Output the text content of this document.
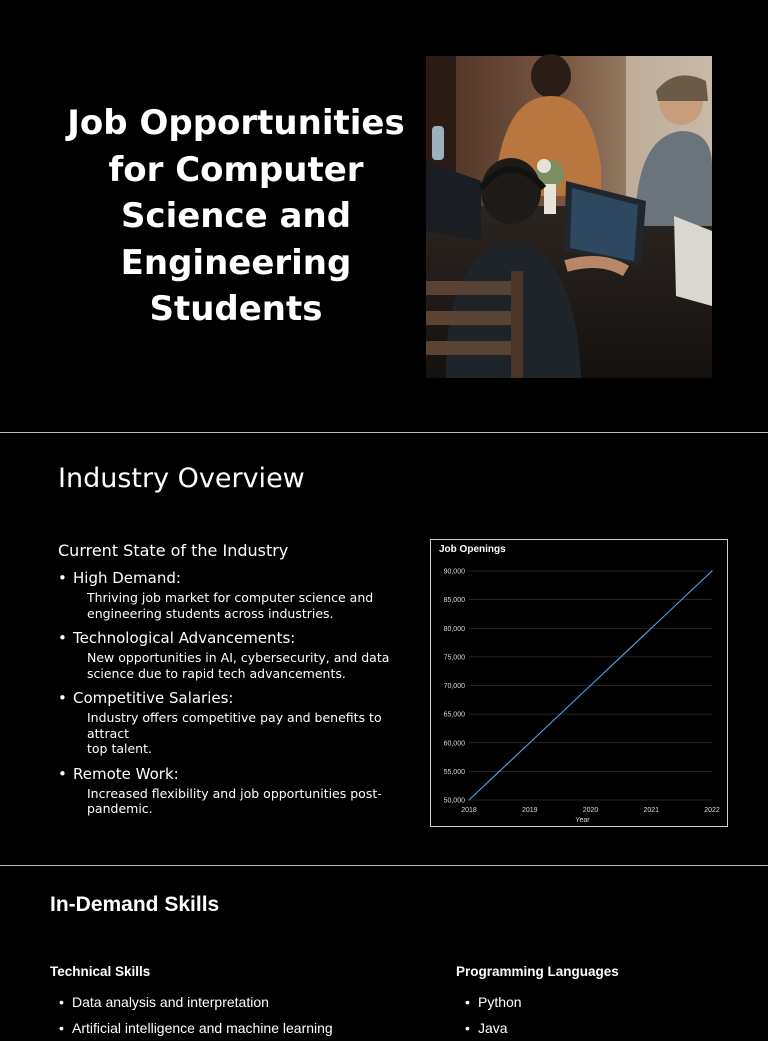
Job Opportunities
for Computer
Science and
Engineering
Students
Industry Overview
Current State of the Industry
• High Demand:
Thriving job market for computer science and
engineering students across industries.
• Technological Advancements:
New opportunities in AI, cybersecurity, and data
science due to rapid tech advancements.
• Competitive Salaries:
Industry offers competitive pay and benefits to attract
top talent.
• Remote Work:
Increased flexibility and job opportunities post-
pandemic.
Job Openings
50,000
55,000
60,000
65,000
70,000
75,000
80,000
85,000
90,000
2018	2019	2020	2021	2022
Year
In-Demand Skills

Technical Skills

• Data analysis and interpretation
• Artificial intelligence and machine learning

Programming Languages

• Python
• Java
